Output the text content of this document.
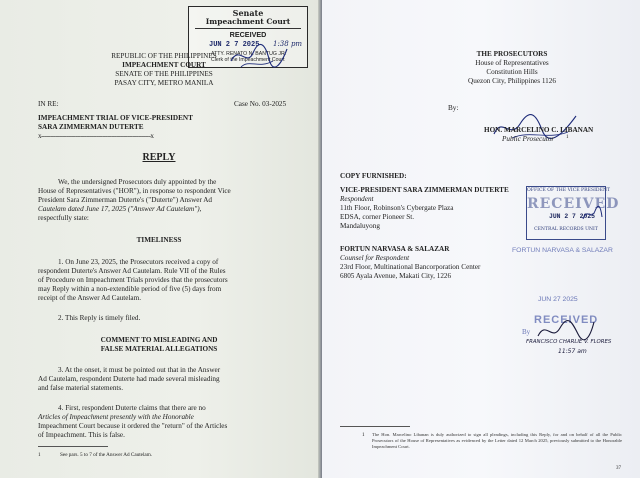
Senate
Impeachment Court
RECEIVED
JUN 2 7 2025 1:38 pm
ATTY. RENATO N. BANTUG JR.
Clerk of the Impeachment Court
REPUBLIC OF THE PHILIPPINES
IMPEACHMENT COURT
SENATE OF THE PHILIPPINES
PASAY CITY, METRO MANILA
IN RE:	Case No. 03-2025
IMPEACHMENT TRIAL OF VICE-PRESIDENT
SARA ZIMMERMAN DUTERTE
x-------------------------------------------------------------x
REPLY
We, the undersigned Prosecutors duly appointed by the
House of Representatives ("HOR"), in response to respondent Vice
President Sara Zimmerman Duterte's ("Duterte") Answer Ad
Cautelam dated June 17, 2025 ("Answer Ad Cautelam"),
respectfully state:
TIMELINESS
1. On June 23, 2025, the Prosecutors received a copy of
respondent Duterte's Answer Ad Cautelam. Rule VII of the Rules
of Procedure on Impeachment Trials provides that the prosecutors
may Reply within a non-extendible period of five (5) days from
receipt of the Answer Ad Cautelam.
2. This Reply is timely filed.
COMMENT TO MISLEADING AND
FALSE MATERIAL ALLEGATIONS
3. At the onset, it must be pointed out that in the Answer
Ad Cautelam, respondent Duterte had made several misleading
and false material statements.
4. First, respondent Duterte claims that there are no
Articles of Impeachment presently with the Honorable
Impeachment Court because it ordered the "return" of the Articles
of Impeachment. This is false.
1	See pars. 5 to 7 of the Answer Ad Cautelam.
THE PROSECUTORS
House of Representatives
Constitution Hills
Quezon City, Philippines 1126
By:
HON. MARCELINO C. LIBANAN
Public Prosecutor 1
COPY FURNISHED:
VICE-PRESIDENT SARA ZIMMERMAN DUTERTE
Respondent
11th Floor, Robinson's Cybergate Plaza
EDSA, corner Pioneer St.
Mandaluyong
OFFICE OF THE VICE PRESIDENT
RECEIVED
JUN 2 7 2025
CENTRAL RECORDS UNIT
FORTUN NARVASA & SALAZAR
Counsel for Respondent
23rd Floor, Multinational Bancorporation Center
6805 Ayala Avenue, Makati City, 1226
FORTUN NARVASA & SALAZAR
JUN 27 2025
RECEIVED
By
FRANCISCO CHARLIE V. FLORES
11:57 am
1 The Hon. Marcelino Libanan is duly authorized to sign all pleadings, including this Reply, for and on behalf of all the Public Prosecutors of the House of Representatives as evidenced by the Letter dated 12 March 2025, previously submitted to the Honorable Impeachment Court.
37
